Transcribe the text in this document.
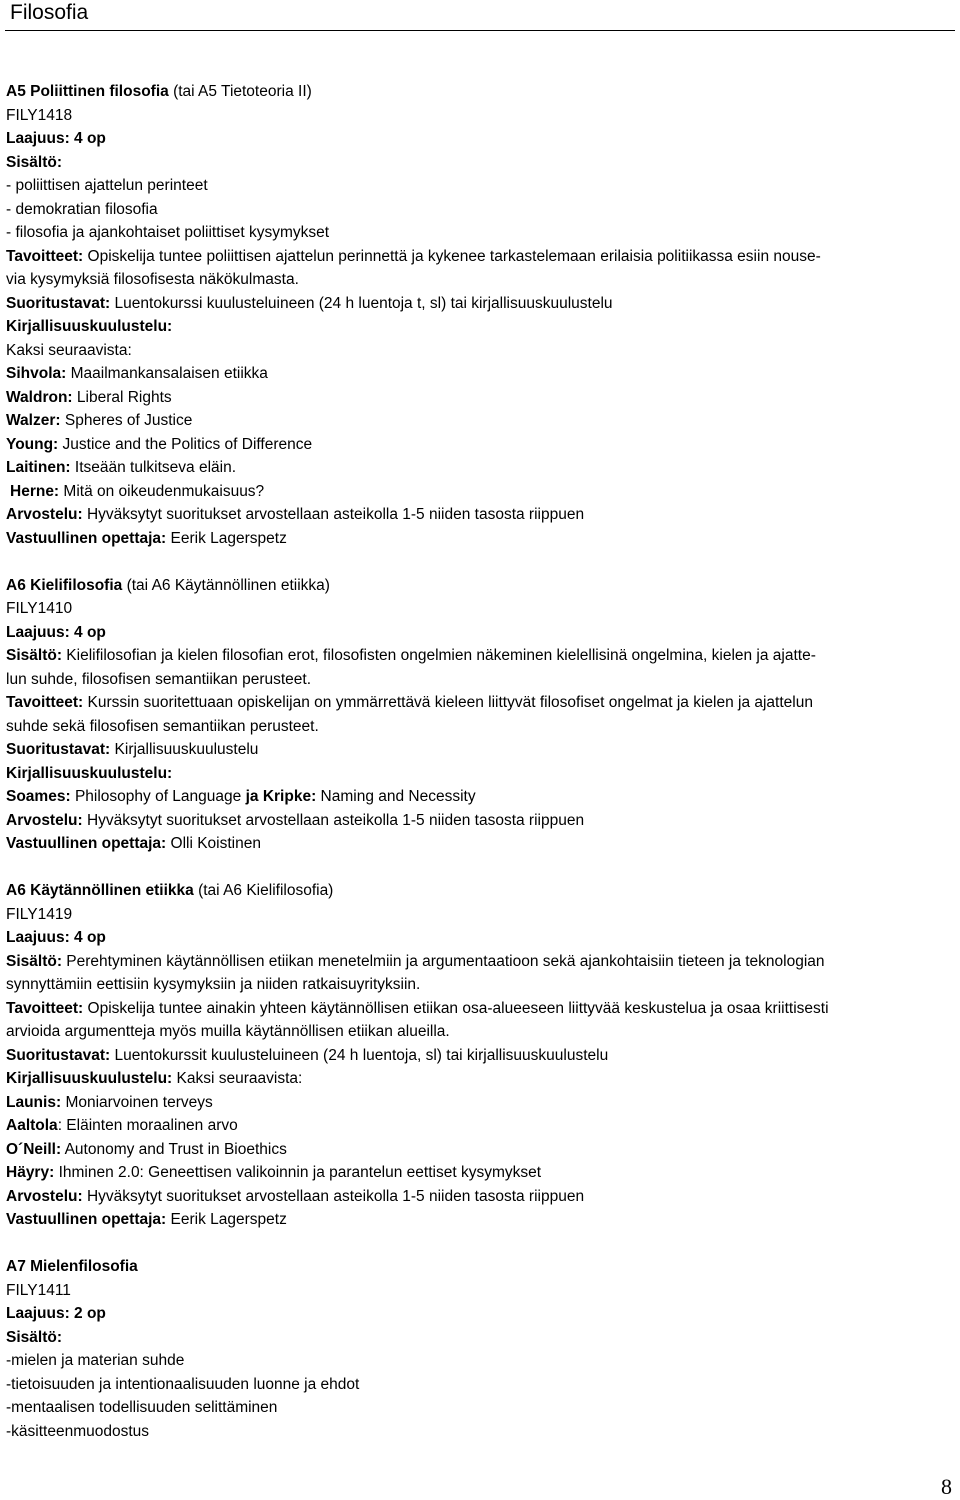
Filosofia
A5 Poliittinen filosofia (tai A5 Tietoteoria II)
FILY1418
Laajuus: 4 op
Sisältö:
- poliittisen ajattelun perinteet
- demokratian filosofia
- filosofia ja ajankohtaiset poliittiset kysymykset
Tavoitteet: Opiskelija tuntee poliittisen ajattelun perinnettä ja kykenee tarkastelemaan erilaisia politiikassa esiin nouse-
via kysymyksiä filosofisesta näkökulmasta.
Suoritustavat: Luentokurssi kuulusteluineen (24 h luentoja t, sl) tai kirjallisuuskuulustelu
Kirjallisuuskuulustelu:
Kaksi seuraavista:
Sihvola: Maailmankansalaisen etiikka
Waldron: Liberal Rights
Walzer: Spheres of Justice
Young: Justice and the Politics of Difference
Laitinen: Itseään tulkitseva eläin.
Herne: Mitä on oikeudenmukaisuus?
Arvostelu: Hyväksytyt suoritukset arvostellaan asteikolla 1-5 niiden tasosta riippuen
Vastuullinen opettaja: Eerik Lagerspetz
A6 Kielifilosofia (tai A6 Käytännöllinen etiikka)
FILY1410
Laajuus: 4 op
Sisältö: Kielifilosofian ja kielen filosofian erot, filosofisten ongelmien näkeminen kielellisinä ongelmina, kielen ja ajatte-
lun suhde, filosofisen semantiikan perusteet.
Tavoitteet: Kurssin suoritettuaan opiskelijan on ymmärrettävä kieleen liittyvät filosofiset ongelmat ja kielen ja ajattelun
suhde sekä filosofisen semantiikan perusteet.
Suoritustavat: Kirjallisuuskuulustelu
Kirjallisuuskuulustelu:
Soames: Philosophy of Language ja Kripke: Naming and Necessity
Arvostelu: Hyväksytyt suoritukset arvostellaan asteikolla 1-5 niiden tasosta riippuen
Vastuullinen opettaja: Olli Koistinen
A6 Käytännöllinen etiikka (tai A6 Kielifilosofia)
FILY1419
Laajuus: 4 op
Sisältö: Perehtyminen käytännöllisen etiikan menetelmiin ja argumentaatioon sekä ajankohtaisiin tieteen ja teknologian
synnyttämiin eettisiin kysymyksiin ja niiden ratkaisuyrityksiin.
Tavoitteet: Opiskelija tuntee ainakin yhteen käytännöllisen etiikan osa-alueeseen liittyvää keskustelua ja osaa kriittisesti
arvioida argumentteja myös muilla käytännöllisen etiikan alueilla.
Suoritustavat: Luentokurssit kuulusteluineen (24 h luentoja, sl) tai kirjallisuuskuulustelu
Kirjallisuuskuulustelu: Kaksi seuraavista:
Launis: Moniarvoinen terveys
Aaltola: Eläinten moraalinen arvo
O´Neill: Autonomy and Trust in Bioethics
Häyry: Ihminen 2.0: Geneettisen valikoinnin ja parantelun eettiset kysymykset
Arvostelu: Hyväksytyt suoritukset arvostellaan asteikolla 1-5 niiden tasosta riippuen
Vastuullinen opettaja: Eerik Lagerspetz
A7 Mielenfilosofia
FILY1411
Laajuus: 2 op
Sisältö:
-mielen ja materian suhde
-tietoisuuden ja intentionaalisuuden luonne ja ehdot
-mentaalisen todellisuuden selittäminen
-käsitteenmuodostus
8
